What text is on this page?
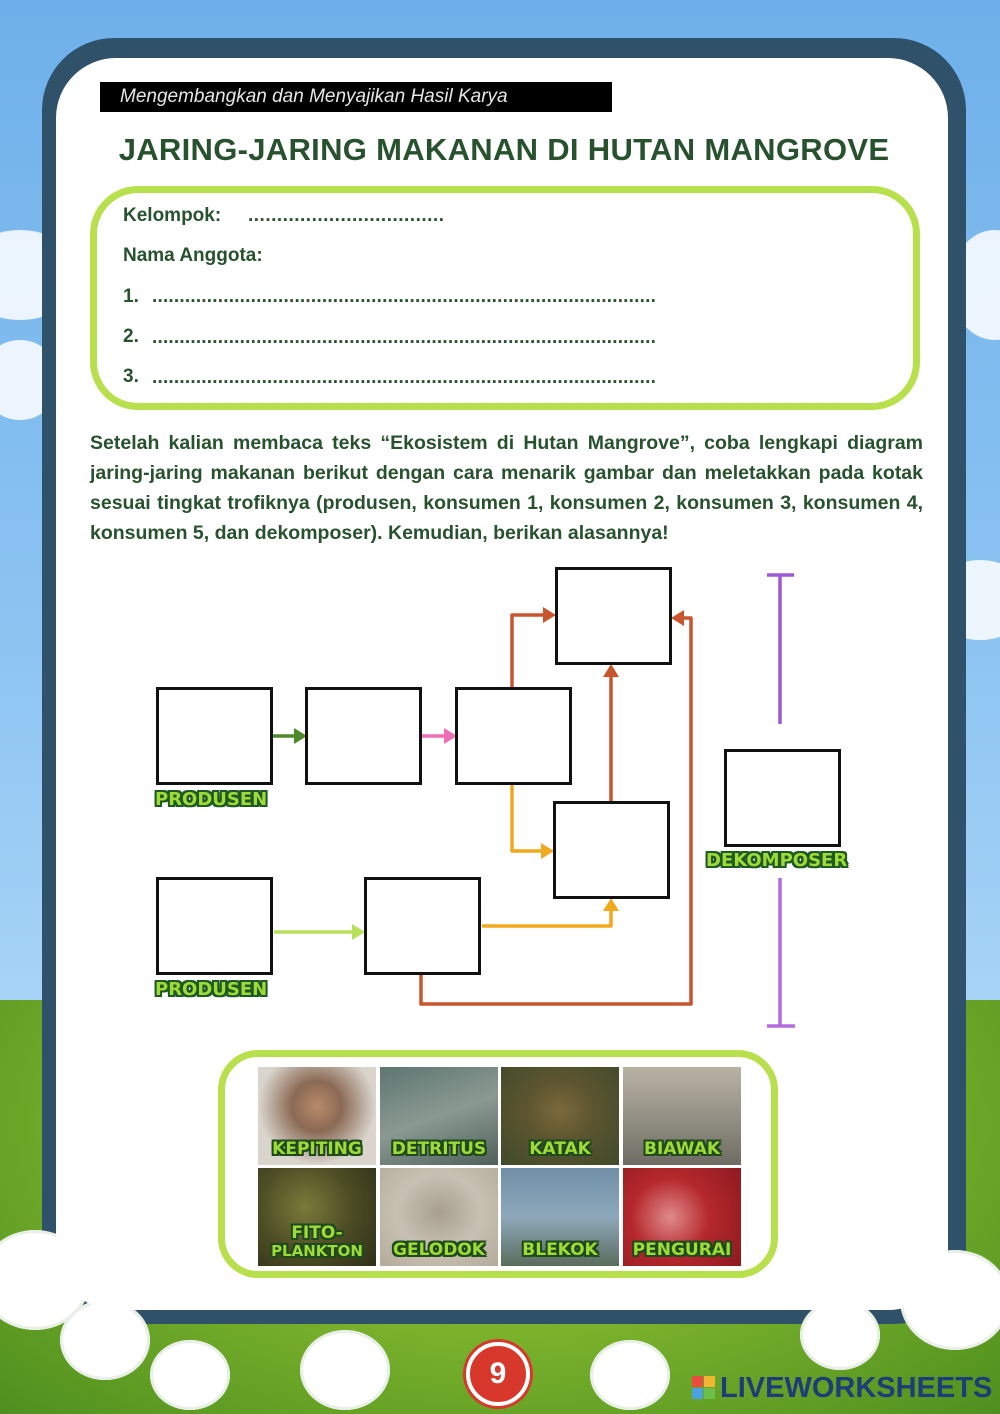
Mengembangkan dan Menyajikan Hasil Karya
JARING-JARING MAKANAN DI HUTAN MANGROVE
Kelompok: ..................................
Nama Anggota:
1. ............................................................................................
2. ............................................................................................
3. ............................................................................................
Setelah kalian membaca teks “Ekosistem di Hutan Mangrove”, coba lengkapi diagram jaring-jaring makanan berikut dengan cara menarik gambar dan meletakkan pada kotak sesuai tingkat trofiknya (produsen, konsumen 1, konsumen 2, konsumen 3, konsumen 4, konsumen 5, dan dekomposer). Kemudian, berikan alasannya!
PRODUSEN
PRODUSEN
DEKOMPOSER
KEPITING	DETRITUS	KATAK	BIAWAK
FITO-
PLANKTON	GELODOK	BLEKOK	PENGURAI
9	LIVEWORKSHEETS
